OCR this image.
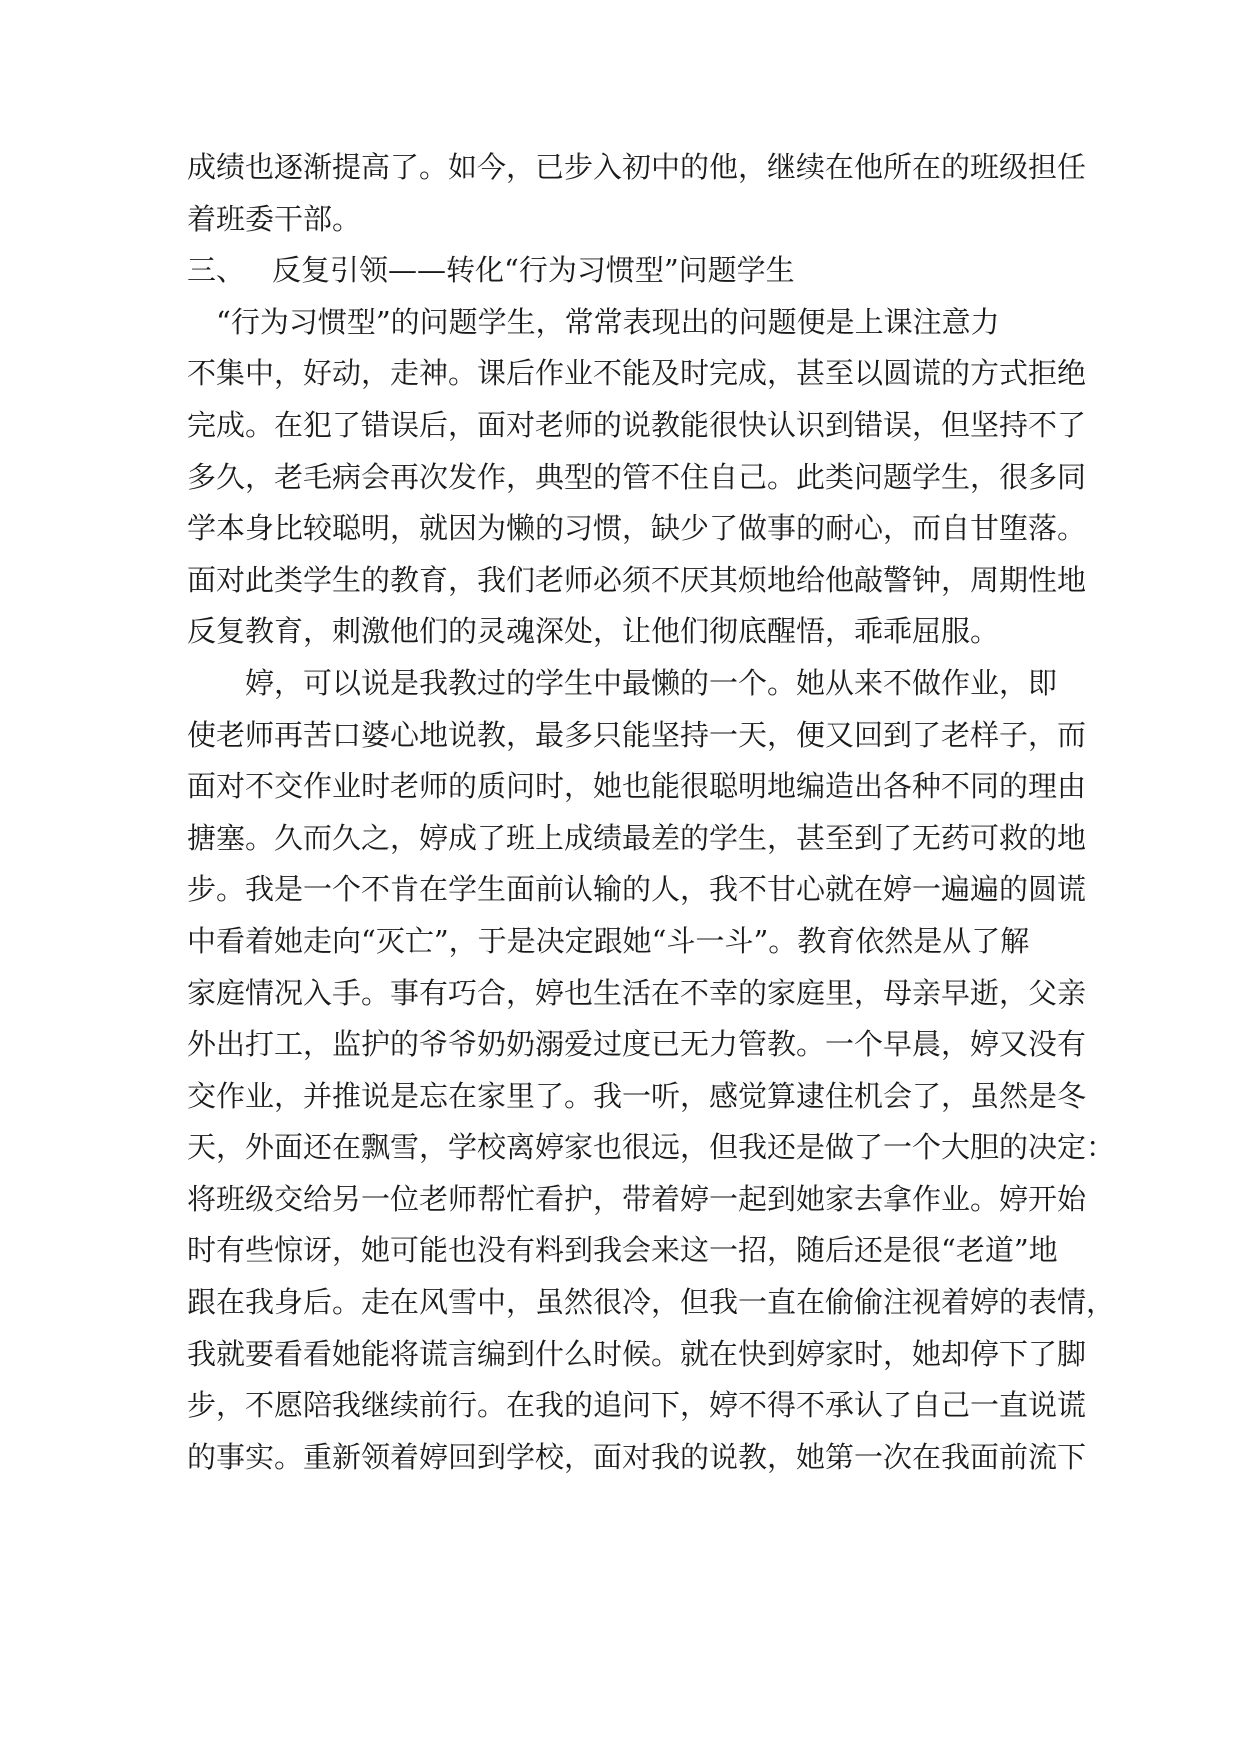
成绩也逐渐提高了。如今，已步入初中的他，继续在他所在的班级担任
着班委干部。
三、 反复引领——转化“行为习惯型”问题学生
　“行为习惯型”的问题学生，常常表现出的问题便是上课注意力
不集中，好动，走神。课后作业不能及时完成，甚至以圆谎的方式拒绝
完成。在犯了错误后，面对老师的说教能很快认识到错误，但坚持不了
多久，老毛病会再次发作，典型的管不住自己。此类问题学生，很多同
学本身比较聪明，就因为懒的习惯，缺少了做事的耐心，而自甘堕落。
面对此类学生的教育，我们老师必须不厌其烦地给他敲警钟，周期性地
反复教育，刺激他们的灵魂深处，让他们彻底醒悟，乖乖屈服。
　　婷，可以说是我教过的学生中最懒的一个。她从来不做作业，即
使老师再苦口婆心地说教，最多只能坚持一天，便又回到了老样子，而
面对不交作业时老师的质问时，她也能很聪明地编造出各种不同的理由
搪塞。久而久之，婷成了班上成绩最差的学生，甚至到了无药可救的地
步。我是一个不肯在学生面前认输的人，我不甘心就在婷一遍遍的圆谎
中看着她走向“灭亡”，于是决定跟她“斗一斗”。教育依然是从了解
家庭情况入手。事有巧合，婷也生活在不幸的家庭里，母亲早逝，父亲
外出打工，监护的爷爷奶奶溺爱过度已无力管教。一个早晨，婷又没有
交作业，并推说是忘在家里了。我一听，感觉算逮住机会了，虽然是冬
天，外面还在飘雪，学校离婷家也很远，但我还是做了一个大胆的决定：
将班级交给另一位老师帮忙看护，带着婷一起到她家去拿作业。婷开始
时有些惊讶，她可能也没有料到我会来这一招，随后还是很“老道”地
跟在我身后。走在风雪中，虽然很冷，但我一直在偷偷注视着婷的表情，
我就要看看她能将谎言编到什么时候。就在快到婷家时，她却停下了脚
步，不愿陪我继续前行。在我的追问下，婷不得不承认了自己一直说谎
的事实。重新领着婷回到学校，面对我的说教，她第一次在我面前流下
